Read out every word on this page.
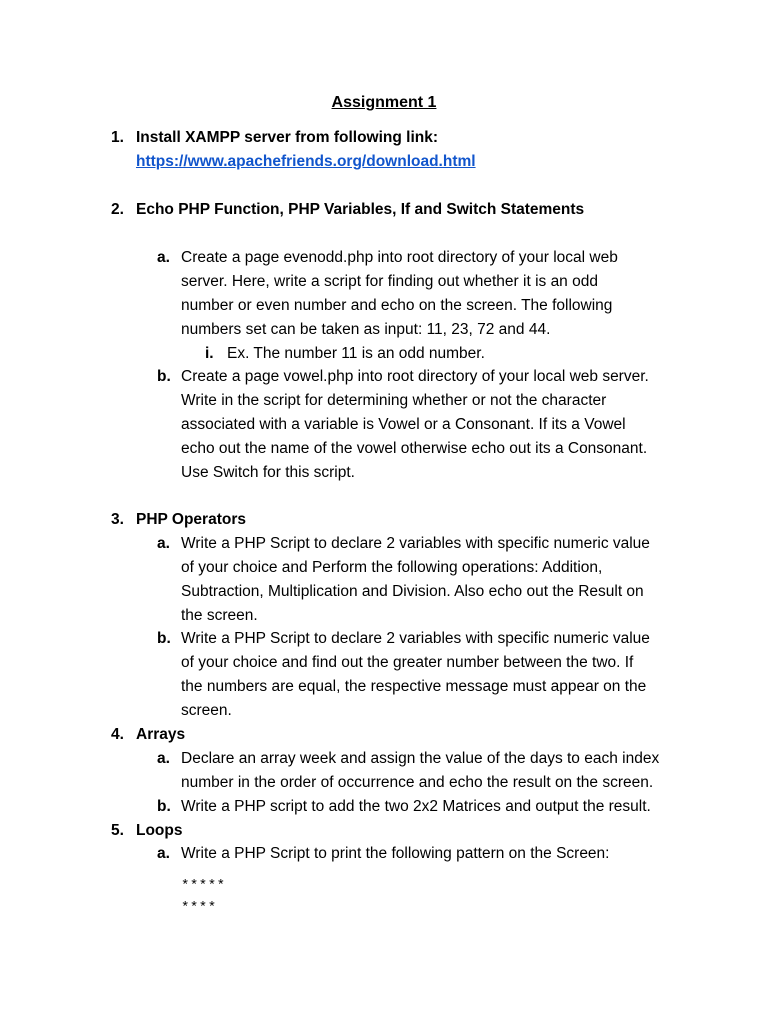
Assignment 1
1. Install XAMPP server from following link:
https://www.apachefriends.org/download.html
2. Echo PHP Function, PHP Variables, If and Switch Statements
a. Create a page evenodd.php into root directory of your local web
server. Here, write a script for finding out whether it is an odd
number or even number and echo on the screen. The following
numbers set can be taken as input: 11, 23, 72 and 44.
i. Ex. The number 11 is an odd number.
b. Create a page vowel.php into root directory of your local web server.
Write in the script for determining whether or not the character
associated with a variable is Vowel or a Consonant. If its a Vowel
echo out the name of the vowel otherwise echo out its a Consonant.
Use Switch for this script.
3. PHP Operators
a. Write a PHP Script to declare 2 variables with specific numeric value
of your choice and Perform the following operations: Addition,
Subtraction, Multiplication and Division. Also echo out the Result on
the screen.
b. Write a PHP Script to declare 2 variables with specific numeric value
of your choice and find out the greater number between the two. If
the numbers are equal, the respective message must appear on the
screen.
4. Arrays
a. Declare an array week and assign the value of the days to each index
number in the order of occurrence and echo the result on the screen.
b. Write a PHP script to add the two 2x2 Matrices and output the result.
5. Loops
a. Write a PHP Script to print the following pattern on the Screen:
*****
****
